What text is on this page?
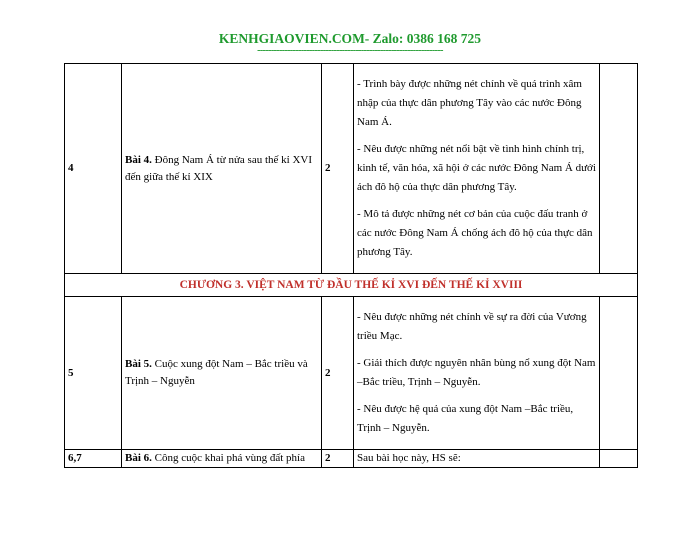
KENHGIAOVIEN.COM- Zalo: 0386 168 725
--------------------------------------------------------------------
4	Bài 4. Đông Nam Á từ nửa sau thế kỉ XVI đến giữa thế kỉ XIX	2	- Trình bày được những nét chính về quá trình xâm nhập của thực dân phương Tây vào các nước Đông Nam Á.

- Nêu được những nét nổi bật về tình hình chính trị, kinh tế, văn hóa, xã hội ở các nước Đông Nam Á dưới ách đô hộ của thực dân phương Tây.

- Mô tả được những nét cơ bản của cuộc đấu tranh ở các nước Đông Nam Á chống ách đô hộ của thực dân phương Tây.	

CHƯƠNG 3. VIỆT NAM TỪ ĐẦU THẾ KỈ XVI ĐẾN THẾ KỈ XVIII				
5	Bài 5. Cuộc xung đột Nam – Bắc triều và Trịnh – Nguyễn	2	- Nêu được những nét chính về sự ra đời của Vương triều Mạc.

- Giải thích được nguyên nhân bùng nổ xung đột Nam –Bắc triều, Trịnh – Nguyễn.

- Nêu được hệ quả của xung đột Nam –Bắc triều, Trịnh – Nguyễn.	

6,7	Bài 6. Công cuộc khai phá vùng đất phía	2	Sau bài học này, HS sẽ:	
